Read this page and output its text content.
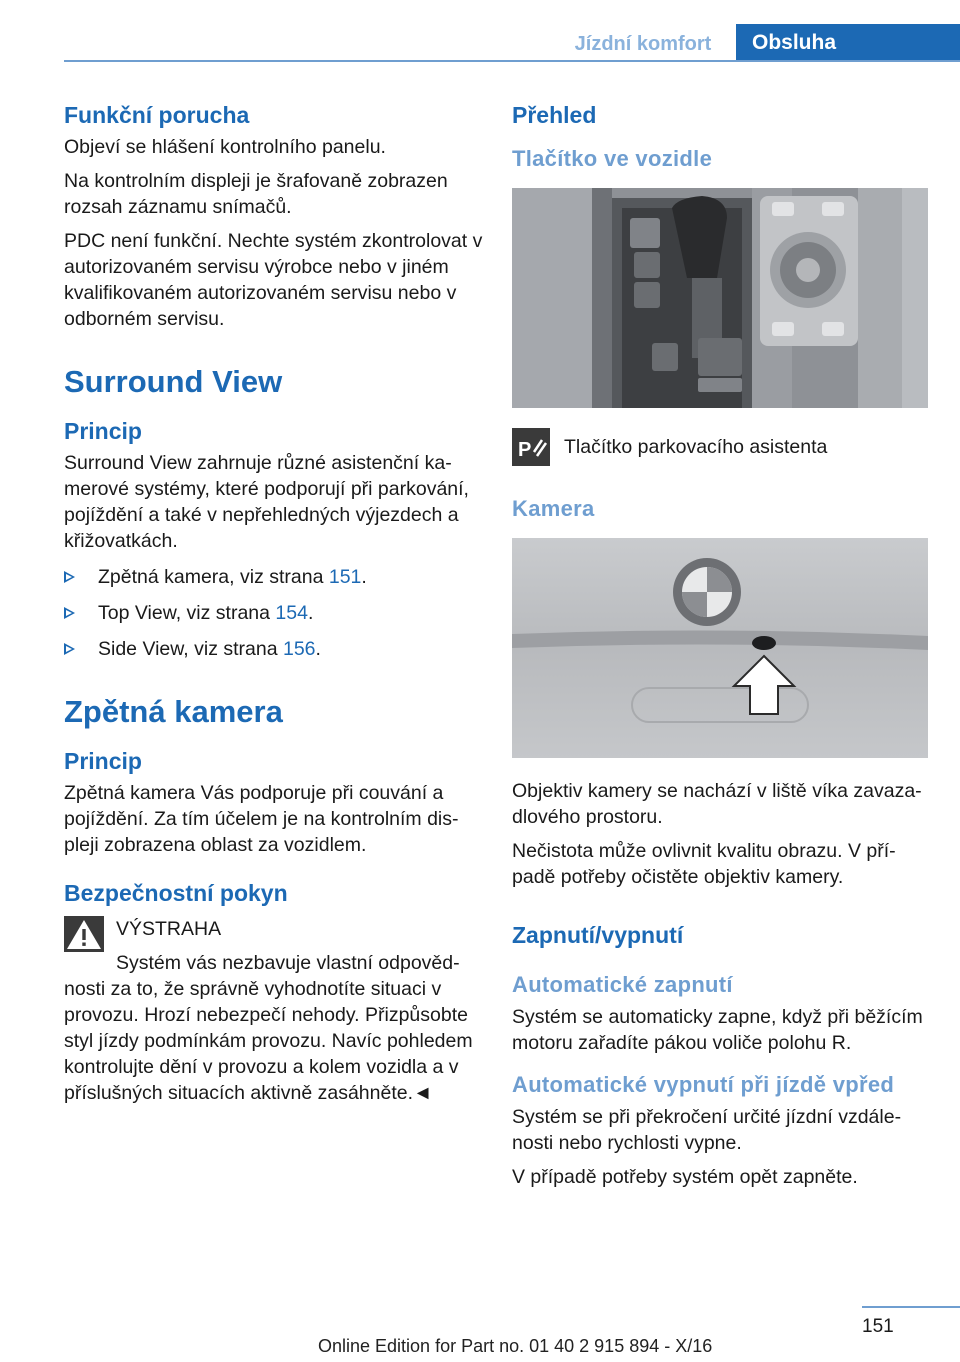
Jízdní komfort	Obsluha
Funkční porucha

Objeví se hlášení kontrolního panelu.

Na kontrolním displeji je šrafovaně zobrazen rozsah záznamu snímačů.

PDC není funkční. Nechte systém zkontrolovat v autorizovaném servisu výrobce nebo v jiném kvalifikovaném autorizovaném servisu nebo v odborném servisu.

Surround View
Princip

Surround View zahrnuje různé asistenční kamerové systémy, které podporují při parkování, pojíždění a také v nepřehledných výjezdech a křižovatkách.

Zpětná kamera, viz strana 151.
Top View, viz strana 154.
Side View, viz strana 156.
Zpětná kamera
Princip

Zpětná kamera Vás podporuje při couvání a pojíždění. Za tím účelem je na kontrolním displeji zobrazena oblast za vozidlem.

Bezpečnostní pokyn

VÝSTRAHA

Systém vás nezbavuje vlastní odpovědnosti za to, že správně vyhodnotíte situaci v provozu. Hrozí nebezpečí nehody. Přizpůsobte styl jízdy podmínkám provozu. Navíc pohledem kontrolujte dění v provozu a kolem vozidla a v příslušných situacích aktivně zasáhněte.◄

Přehled
Tlačítko ve vozidle
P Tlačítko parkovacího asistenta
Kamera

Objektiv kamery se nachází v liště víka zavazadlového prostoru.

Nečistota může ovlivnit kvalitu obrazu. V případě potřeby očistěte objektiv kamery.

Zapnutí/vypnutí
Automatické zapnutí

Systém se automaticky zapne, když při běžícím motoru zařadíte pákou voliče polohu R.

Automatické vypnutí při jízdě vpřed

Systém se při překročení určité jízdní vzdálenosti nebo rychlosti vypne.

V případě potřeby systém opět zapněte.

151
Online Edition for Part no. 01 40 2 915 894 - X/16
